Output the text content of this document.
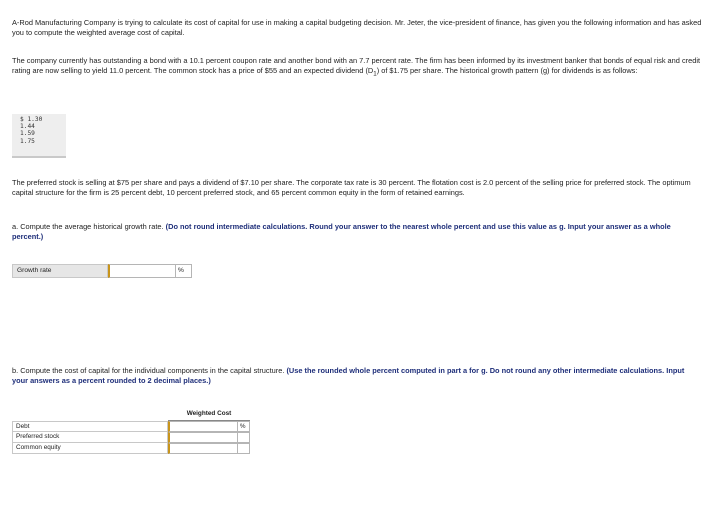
A-Rod Manufacturing Company is trying to calculate its cost of capital for use in making a capital budgeting decision. Mr. Jeter, the vice-president of finance, has given you the following information and has asked you to compute the weighted average cost of capital.

The company currently has outstanding a bond with a 10.1 percent coupon rate and another bond with an 7.7 percent rate. The firm has been informed by its investment banker that bonds of equal risk and credit rating are now selling to yield 11.0 percent. The common stock has a price of $55 and an expected dividend $(D_1)$ of $1.75 per share. The historical growth pattern (g) for dividends is as follows:

$ 1.30
1.44
1.59
1.75

The preferred stock is selling at $75 per share and pays a dividend of $7.10 per share. The corporate tax rate is 30 percent. The flotation cost is 2.0 percent of the selling price for preferred stock. The optimum capital structure for the firm is 25 percent debt, 10 percent preferred stock, and 65 percent common equity in the form of retained earnings.

a. Compute the average historical growth rate. (Do not round intermediate calculations. Round your answer to the nearest whole percent and use this value as g. Input your answer as a whole percent.)

Growth rate	%

b. Compute the cost of capital for the individual components in the capital structure. (Use the rounded whole percent computed in part a for g. Do not round any other intermediate calculations. Input your answers as a percent rounded to 2 decimal places.)

Weighted Cost
Debt	%
Preferred stock
Common equity
